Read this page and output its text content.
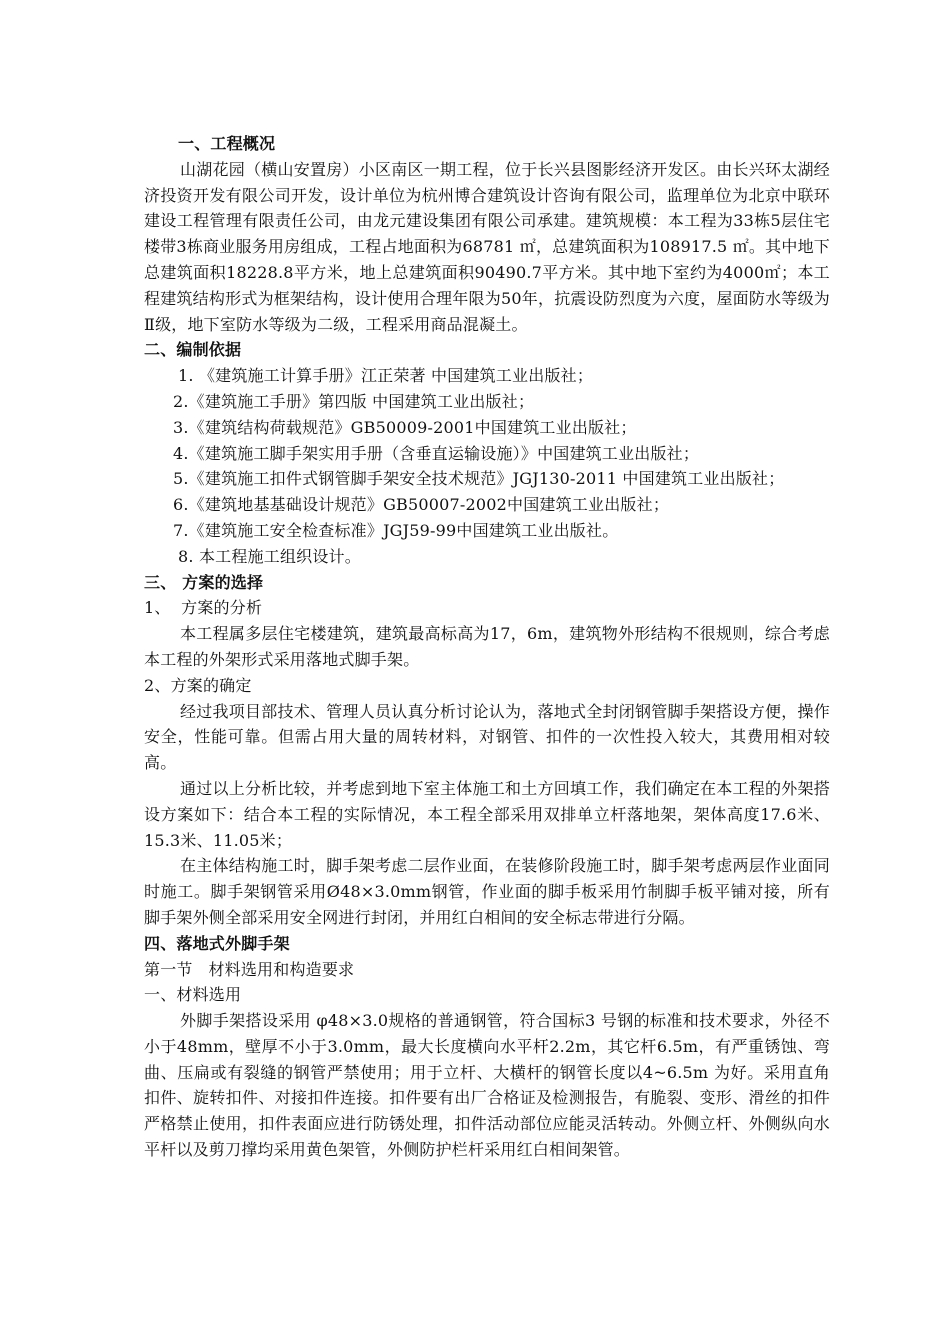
一、工程概况

山湖花园（横山安置房）小区南区一期工程，位于长兴县图影经济开发区。由长兴环太湖经济投资开发有限公司开发，设计单位为杭州博合建筑设计咨询有限公司，监理单位为北京中联环建设工程管理有限责任公司，由龙元建设集团有限公司承建。建筑规模：本工程为33栋5层住宅楼带3栋商业服务用房组成，工程占地面积为68781 ㎡，总建筑面积为108917.5 ㎡。其中地下总建筑面积18228.8平方米，地上总建筑面积90490.7平方米。其中地下室约为4000㎡；本工程建筑结构形式为框架结构，设计使用合理年限为50年，抗震设防烈度为六度，屋面防水等级为Ⅱ级，地下室防水等级为二级，工程采用商品混凝土。

二、编制依据

1. 《建筑施工计算手册》江正荣著 中国建筑工业出版社；

2.《建筑施工手册》第四版 中国建筑工业出版社；

3.《建筑结构荷载规范》GB50009-2001中国建筑工业出版社；

4.《建筑施工脚手架实用手册（含垂直运输设施）》中国建筑工业出版社；

5.《建筑施工扣件式钢管脚手架安全技术规范》JGJ130-2011 中国建筑工业出版社；

6.《建筑地基基础设计规范》GB50007-2002中国建筑工业出版社；

7.《建筑施工安全检查标准》JGJ59-99中国建筑工业出版社。

8. 本工程施工组织设计。

三、 方案的选择

1、  方案的分析

本工程属多层住宅楼建筑，建筑最高标高为17，6m，建筑物外形结构不很规则，综合考虑本工程的外架形式采用落地式脚手架。

2、方案的确定

经过我项目部技术、管理人员认真分析讨论认为，落地式全封闭钢管脚手架搭设方便，操作安全，性能可靠。但需占用大量的周转材料，对钢管、扣件的一次性投入较大，其费用相对较高。

通过以上分析比较，并考虑到地下室主体施工和土方回填工作，我们确定在本工程的外架搭设方案如下：结合本工程的实际情况，本工程全部采用双排单立杆落地架，架体高度17.6米、15.3米、11.05米；

在主体结构施工时，脚手架考虑二层作业面，在装修阶段施工时，脚手架考虑两层作业面同时施工。脚手架钢管采用Ø48×3.0mm钢管，作业面的脚手板采用竹制脚手板平铺对接，所有脚手架外侧全部采用安全网进行封闭，并用红白相间的安全标志带进行分隔。

四、落地式外脚手架

第一节   材料选用和构造要求

一、材料选用

外脚手架搭设采用 φ48×3.0规格的普通钢管，符合国标3 号钢的标准和技术要求，外径不小于48mm，壁厚不小于3.0mm，最大长度横向水平杆2.2m，其它杆6.5m，有严重锈蚀、弯曲、压扁或有裂缝的钢管严禁使用；用于立杆、大横杆的钢管长度以4~6.5m 为好。采用直角扣件、旋转扣件、对接扣件连接。扣件要有出厂合格证及检测报告，有脆裂、变形、滑丝的扣件严格禁止使用，扣件表面应进行防锈处理，扣件活动部位应能灵活转动。外侧立杆、外侧纵向水平杆以及剪刀撑均采用黄色架管，外侧防护栏杆采用红白相间架管。
